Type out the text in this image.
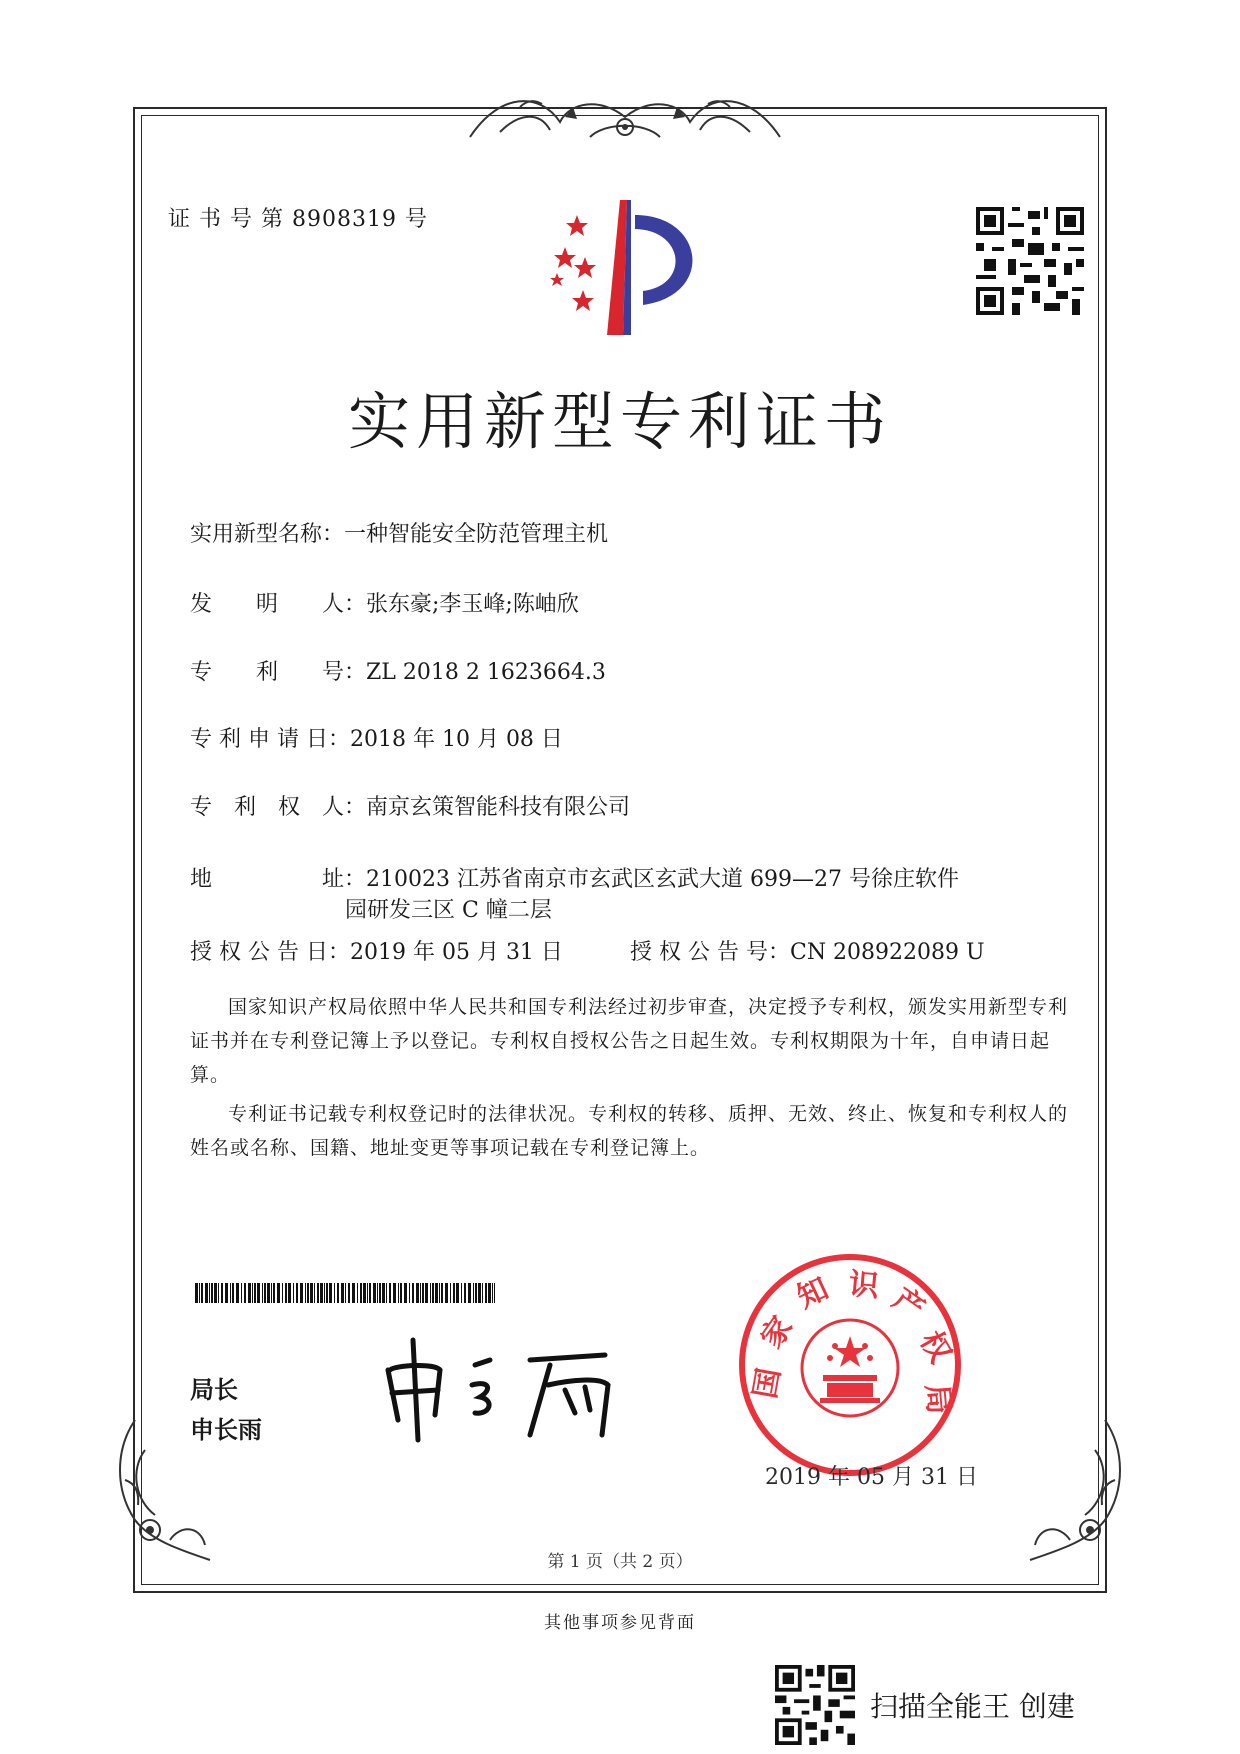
证 书 号 第 8908319 号
实用新型专利证书
实用新型名称：一种智能安全防范管理主机
发　　明　　人：张东豪;李玉峰;陈岫欣
专　　利　　号：ZL 2018 2 1623664.3
专 利 申 请 日：2018 年 10 月 08 日
专　利　权　人：南京玄策智能科技有限公司
地　　　　　址：210023 江苏省南京市玄武区玄武大道 699—27 号徐庄软件
园研发三区 C 幢二层
授 权 公 告 日：2019 年 05 月 31 日	授 权 公 告 号：CN 208922089 U
国家知识产权局依照中华人民共和国专利法经过初步审查，决定授予专利权，颁发实用新型专利证书并在专利登记簿上予以登记。专利权自授权公告之日起生效。专利权期限为十年，自申请日起算。
专利证书记载专利权登记时的法律状况。专利权的转移、质押、无效、终止、恢复和专利权人的姓名或名称、国籍、地址变更等事项记载在专利登记簿上。
局长
申长雨
国
家
知 识 产
权
局
2019 年 05 月 31 日
第 1 页（共 2 页）
其他事项参见背面
扫描全能王 创建
